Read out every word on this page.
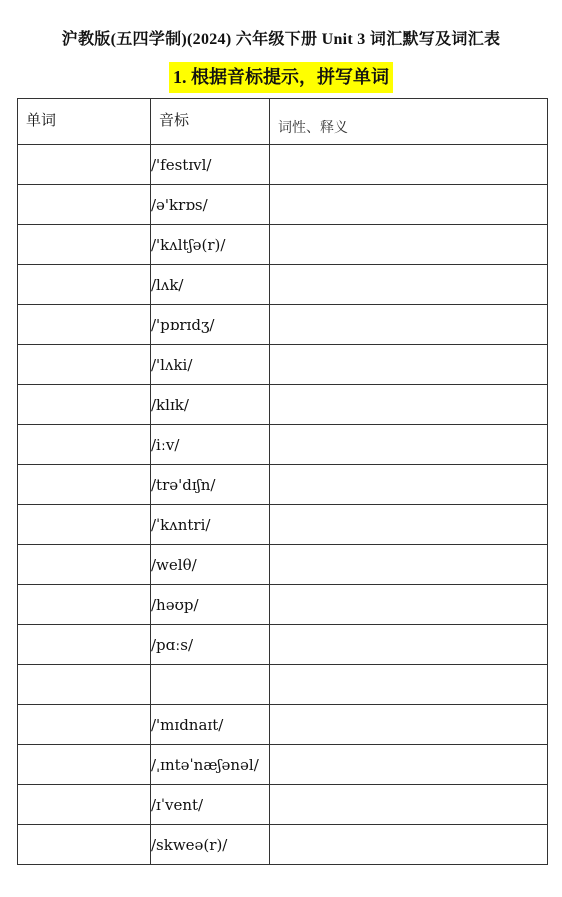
沪教版(五四学制)(2024) 六年级下册 Unit 3 词汇默写及词汇表
1. 根据音标提示，拼写单词
单词	音标	词性、释义
	/'festɪvl/	
	/ə'krɒs/	
	/'kʌltʃə(r)/	
	/lʌk/	
	/'pɒrɪdʒ/	
	/'lʌki/	
	/klɪk/	
	/iːv/	
	/trə'dɪʃn/	
	/ˈkʌntri/	
	/welθ/	
	/həʊp/	
	/pɑːs/	

	/'mɪdnaɪt/	
	/ˌɪntəˈnæʃənəl/	
	/ɪˈvent/	
	/skweə(r)/	
